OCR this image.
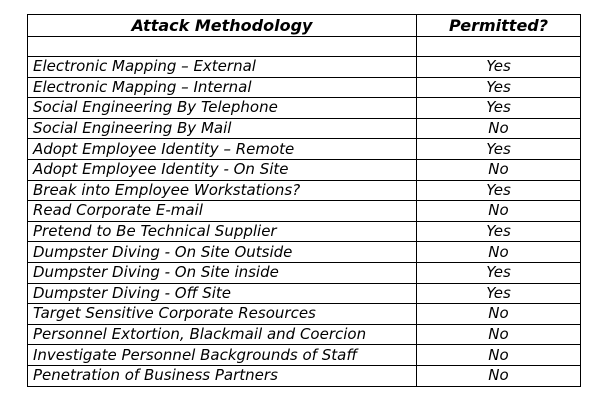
Attack Methodology	Permitted?

Electronic Mapping – External	Yes
Electronic Mapping – Internal	Yes
Social Engineering By Telephone	Yes
Social Engineering By Mail	No
Adopt Employee Identity – Remote	Yes
Adopt Employee Identity - On Site	No
Break into Employee Workstations?	Yes
Read Corporate E-mail	No
Pretend to Be Technical Supplier	Yes
Dumpster Diving - On Site Outside	No
Dumpster Diving - On Site inside	Yes
Dumpster Diving - Off Site	Yes
Target Sensitive Corporate Resources	No
Personnel Extortion, Blackmail and Coercion	No
Investigate Personnel Backgrounds of Staff	No
Penetration of Business Partners	No
